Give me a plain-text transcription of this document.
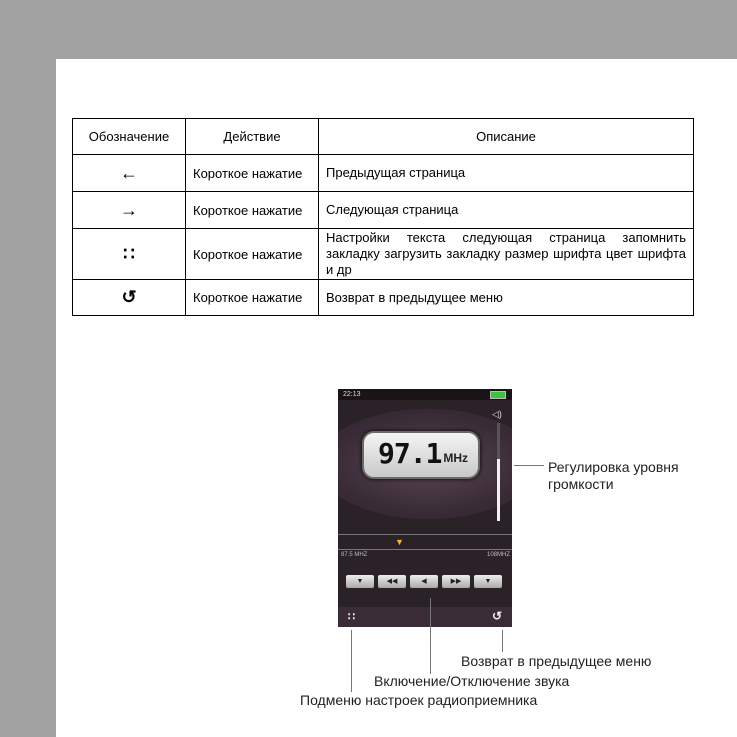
Обозначение	Действие	Описание
←	Короткое нажатие	Предыдущая страница
→	Короткое нажатие	Следующая страница
∷	Короткое нажатие	Настройки текста следующая страница запомнить закладку загрузить закладку размер шрифта цвет шрифта и др
↺	Короткое нажатие	Возврат в предыдущее меню
22:13
97.1 MHz
◁)
▼
87.5 MHZ	108MHZ
▼	◀◀	◀	▶▶	▼
∷	↺
Регулировка уровня громкости
Возврат в предыдущее меню
Включение/Отключение звука
Подменю настроек радиоприемника
